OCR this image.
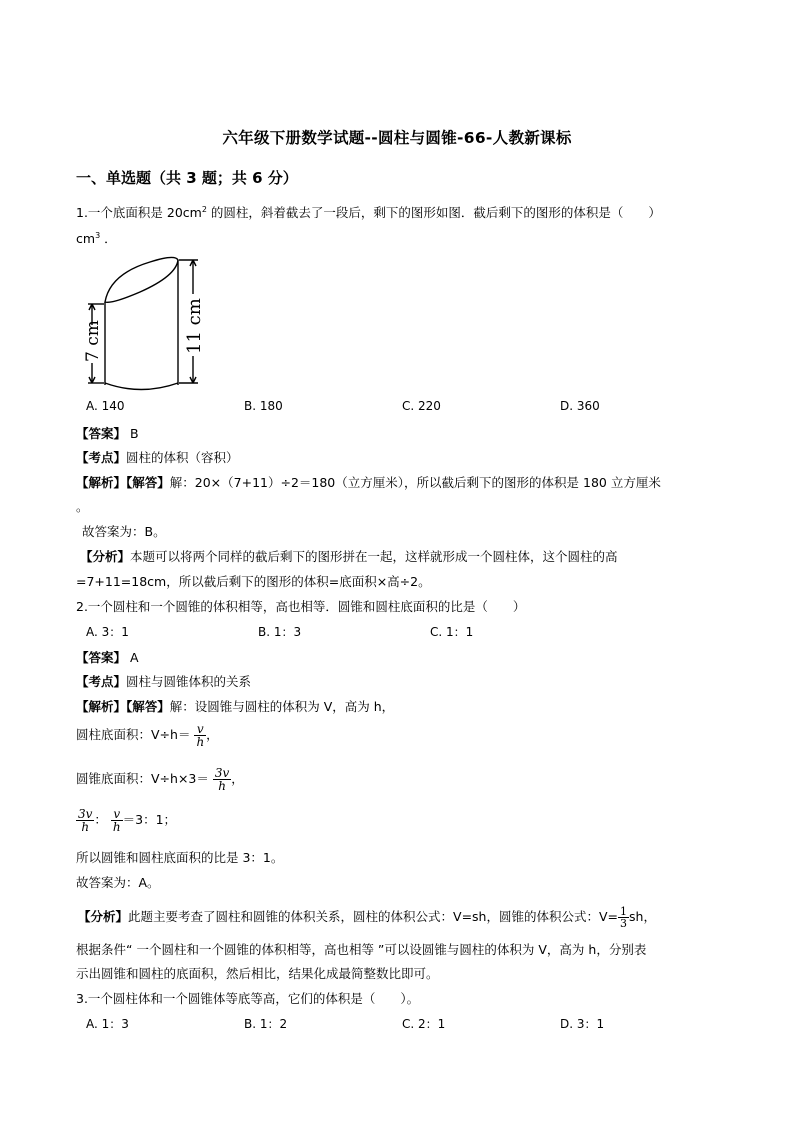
六年级下册数学试题--圆柱与圆锥-66-人教新课标
一、单选题（共 3 题；共 6 分）
1.一个底面积是 $20cm^2$ 的圆柱，斜着截去了一段后，剩下的图形如图．截后剩下的图形的体积是（　　）
$cm^3$ ．
7 cm	11 cm
A. 140	B. 180	C. 220	D. 360
【答案】 B
【考点】圆柱的体积（容积）
【解析】【解答】解：20×（7+11）÷2＝180（立方厘米），所以截后剩下的图形的体积是 180 立方厘米
。
故答案为：B。
【分析】本题可以将两个同样的截后剩下的图形拼在一起，这样就形成一个圆柱体，这个圆柱的高
=7+11=18cm，所以截后剩下的图形的体积=底面积×高÷2。
2.一个圆柱和一个圆锥的体积相等，高也相等．圆锥和圆柱底面积的比是（　　）
A. 3：1	B. 1：3	C. 1：1
【答案】 A
【考点】圆柱与圆锥体积的关系
【解析】【解答】解：设圆锥与圆柱的体积为 V，高为 h，
圆柱底面积：$V\div h= \frac{v}{h}$ ，
圆锥底面积：$V\div h\times 3= \frac{3v}{h}$ ，
$\frac{3v}{h}$ ： $\frac{v}{h} =3$：1；
所以圆锥和圆柱底面积的比是 3：1。
故答案为：A。
【分析】此题主要考查了圆柱和圆锥的体积关系，圆柱的体积公式：V=sh，圆锥的体积公式：$V= \frac{1}{3}$ sh，
根据条件“ 一个圆柱和一个圆锥的体积相等，高也相等 ”可以设圆锥与圆柱的体积为 V，高为 h，分别表
示出圆锥和圆柱的底面积，然后相比，结果化成最简整数比即可。
3.一个圆柱体和一个圆锥体等底等高，它们的体积是（　　）。
A. 1：3	B. 1：2	C. 2：1	D. 3：1
